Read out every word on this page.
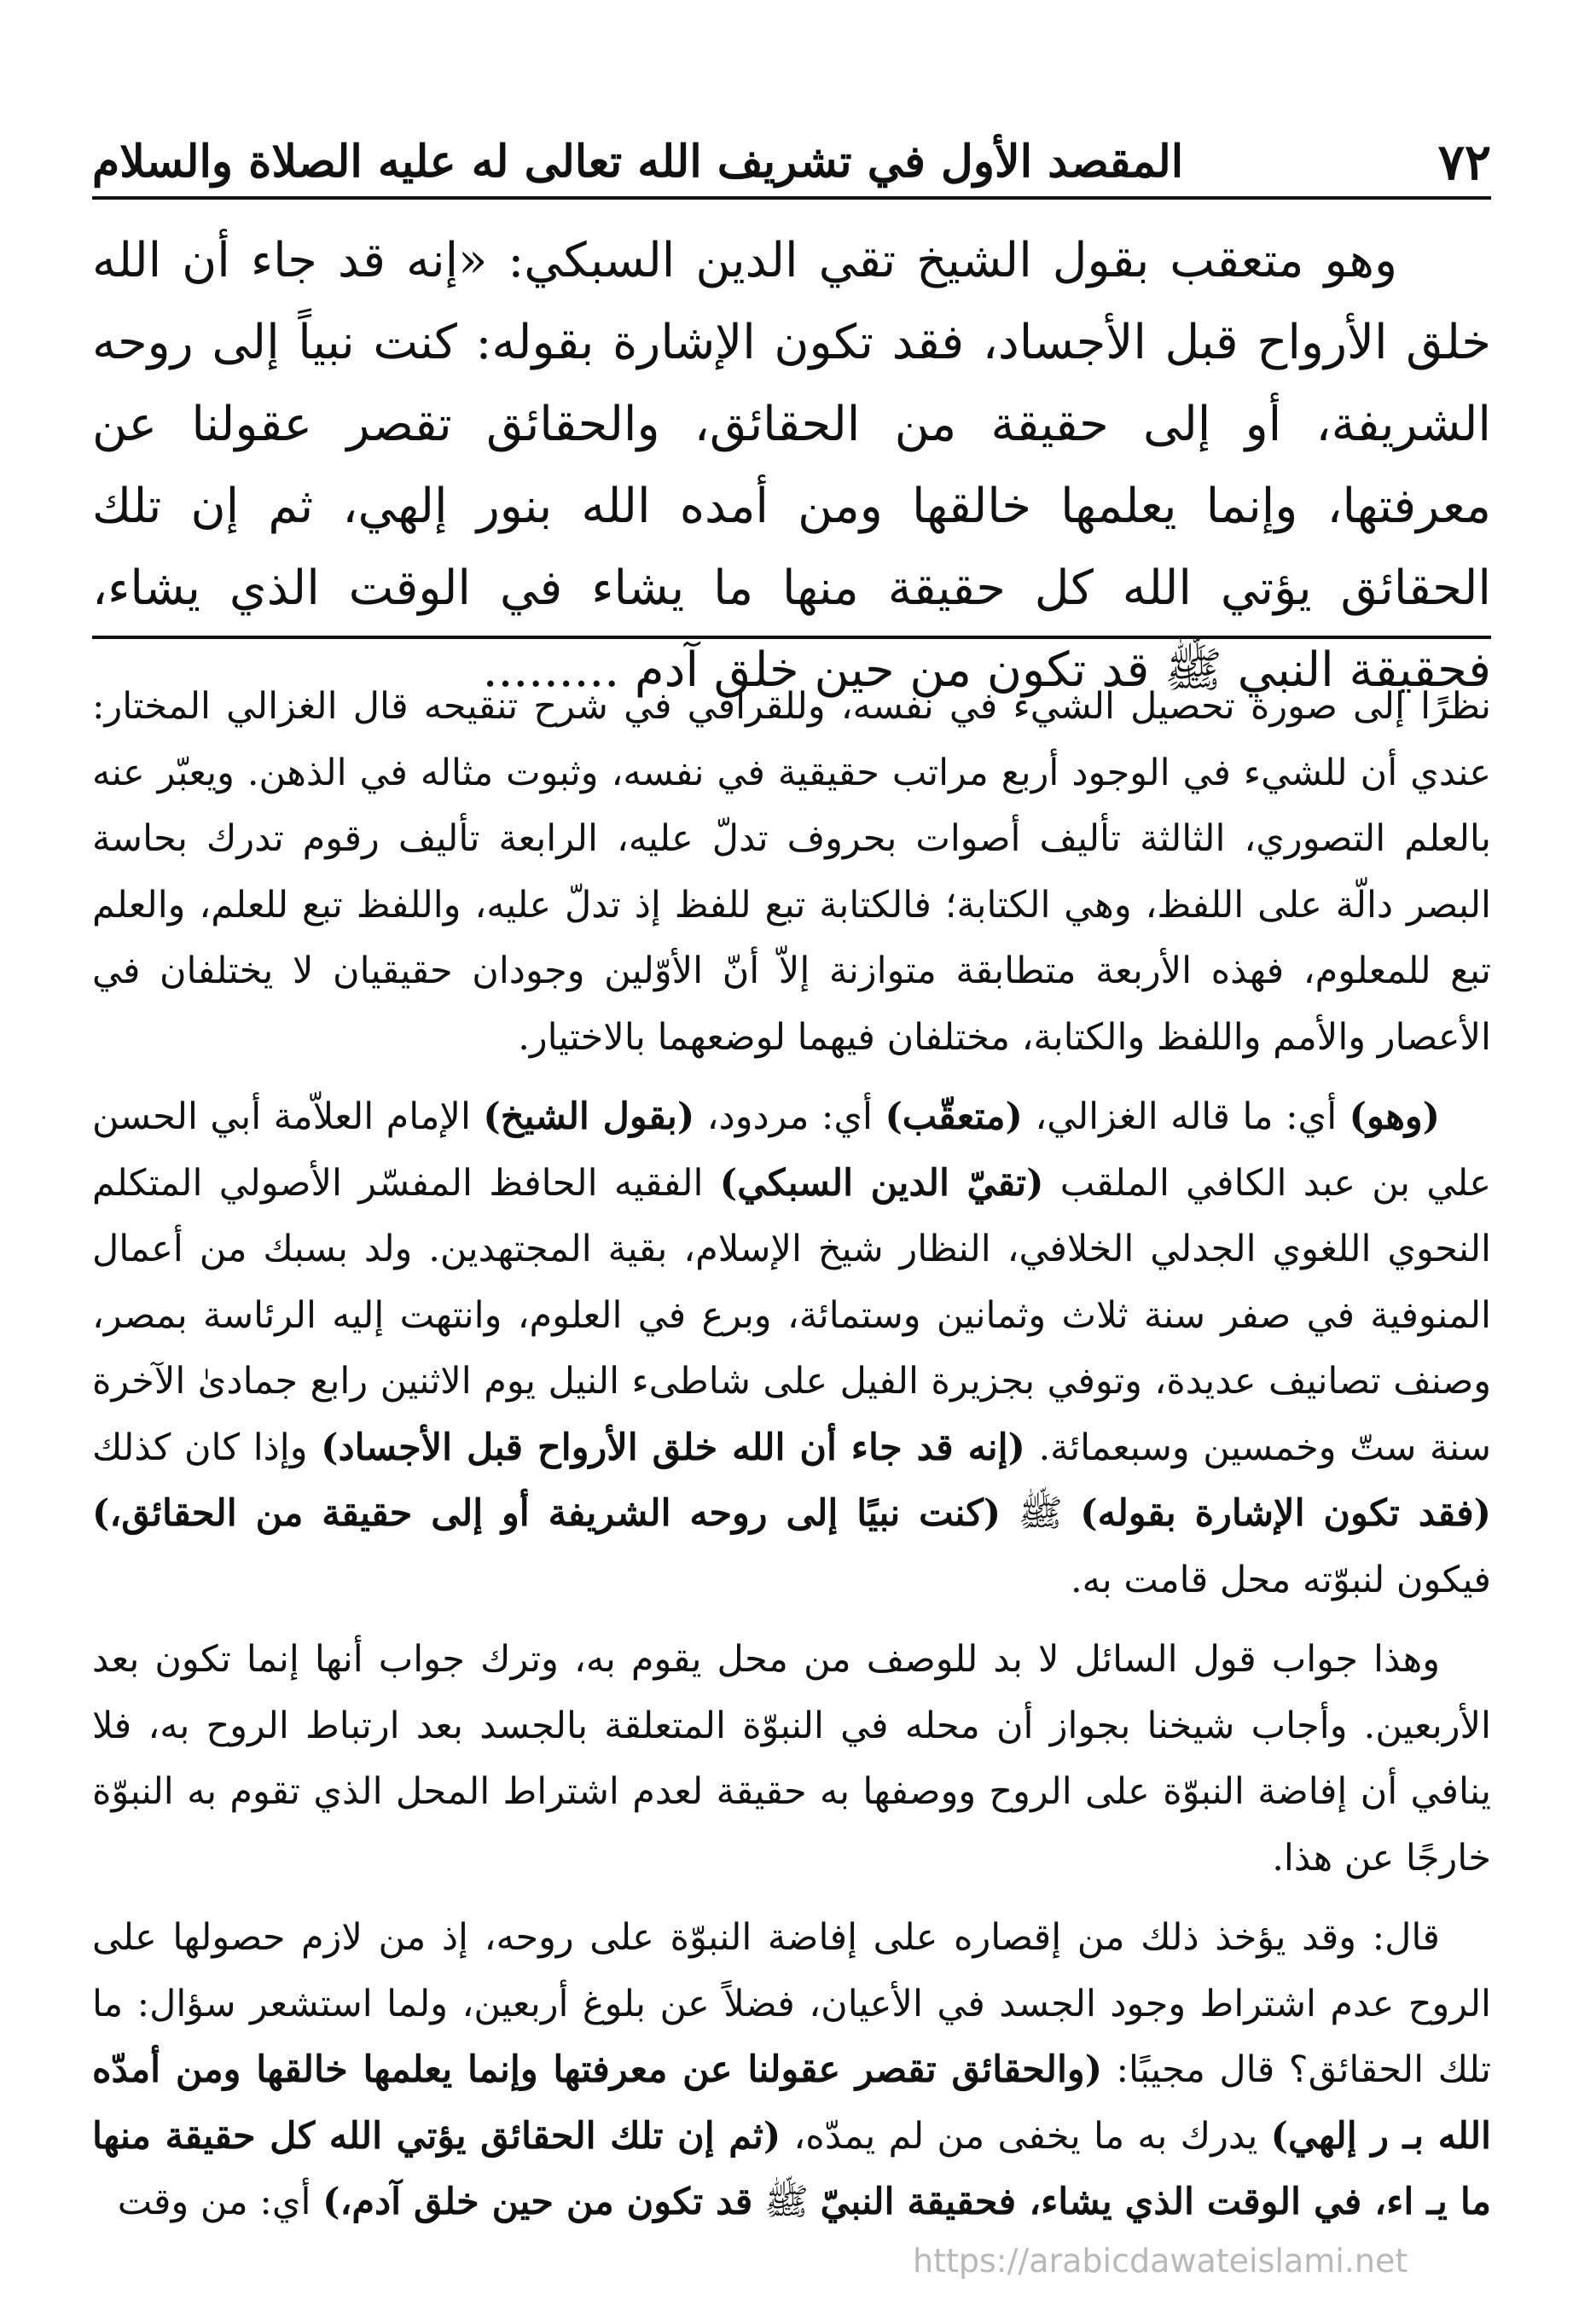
٧٢
المقصد الأول في تشريف الله تعالى له عليه الصلاة والسلام

وهو متعقب بقول الشيخ تقي الدين السبكي: «إنه قد جاء أن الله خلق الأرواح قبل الأجساد، فقد تكون الإشارة بقوله: كنت نبياً إلى روحه الشريفة، أو إلى حقيقة من الحقائق، والحقائق تقصر عقولنا عن معرفتها، وإنما يعلمها خالقها ومن أمده الله بنور إلهي، ثم إن تلك الحقائق يؤتي الله كل حقيقة منها ما يشاء في الوقت الذي يشاء، فحقيقة النبي ﷺ قد تكون من حين خلق آدم .........

نظرًا إلى صورة تحصيل الشيء في نفسه، وللقرافي في شرح تنقيحه قال الغزالي المختار: عندي أن للشيء في الوجود أربع مراتب حقيقية في نفسه، وثبوت مثاله في الذهن. ويعبّر عنه بالعلم التصوري، الثالثة تأليف أصوات بحروف تدلّ عليه، الرابعة تأليف رقوم تدرك بحاسة البصر دالّة على اللفظ، وهي الكتابة؛ فالكتابة تبع للفظ إذ تدلّ عليه، واللفظ تبع للعلم، والعلم تبع للمعلوم، فهذه الأربعة متطابقة متوازنة إلاّ أنّ الأوّلين وجودان حقيقيان لا يختلفان في الأعصار والأمم واللفظ والكتابة، مختلفان فيهما لوضعهما بالاختيار.

(وهو) أي: ما قاله الغزالي، (متعقّب) أي: مردود، (بقول الشيخ) الإمام العلاّمة أبي الحسن علي بن عبد الكافي الملقب (تقيّ الدين السبكي) الفقيه الحافظ المفسّر الأصولي المتكلم النحوي اللغوي الجدلي الخلافي، النظار شيخ الإسلام، بقية المجتهدين. ولد بسبك من أعمال المنوفية في صفر سنة ثلاث وثمانين وستمائة، وبرع في العلوم، وانتهت إليه الرئاسة بمصر، وصنف تصانيف عديدة، وتوفي بجزيرة الفيل على شاطىء النيل يوم الاثنين رابع جمادىٰ الآخرة سنة ستّ وخمسين وسبعمائة. (إنه قد جاء أن الله خلق الأرواح قبل الأجساد) وإذا كان كذلك (فقد تكون الإشارة بقوله) ﷺ (كنت نبيًا إلى روحه الشريفة أو إلى حقيقة من الحقائق،) فيكون لنبوّته محل قامت به.

وهذا جواب قول السائل لا بد للوصف من محل يقوم به، وترك جواب أنها إنما تكون بعد الأربعين. وأجاب شيخنا بجواز أن محله في النبوّة المتعلقة بالجسد بعد ارتباط الروح به، فلا ينافي أن إفاضة النبوّة على الروح ووصفها به حقيقة لعدم اشتراط المحل الذي تقوم به النبوّة خارجًا عن هذا.

قال: وقد يؤخذ ذلك من إقصاره على إفاضة النبوّة على روحه، إذ من لازم حصولها على الروح عدم اشتراط وجود الجسد في الأعيان، فضلاً عن بلوغ أربعين، ولما استشعر سؤال: ما تلك الحقائق؟ قال مجيبًا: (والحقائق تقصر عقولنا عن معرفتها وإنما يعلمها خالقها ومن أمدّه الله بـ ر إلهي) يدرك به ما يخفى من لم يمدّه، (ثم إن تلك الحقائق يؤتي الله كل حقيقة منها ما يـ اء، في الوقت الذي يشاء، فحقيقة النبيّ ﷺ قد تكون من حين خلق آدم،) أي: من وقت

https://arabicdawateislami.net
